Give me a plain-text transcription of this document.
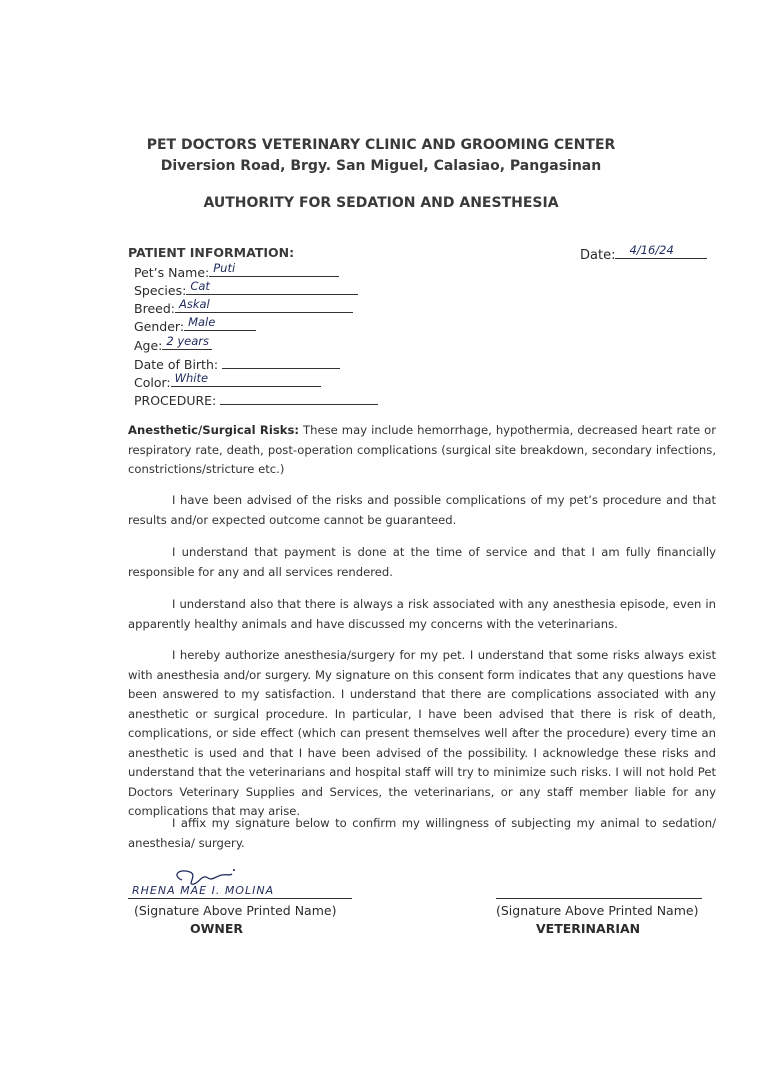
PET DOCTORS VETERINARY CLINIC AND GROOMING CENTER
Diversion Road, Brgy. San Miguel, Calasiao, Pangasinan
AUTHORITY FOR SEDATION AND ANESTHESIA
PATIENT INFORMATION:	Date: 4/16/24
Pet’s Name: Puti
Species: Cat
Breed: Askal
Gender: Male
Age: 2 years
Date of Birth:
Color: White
PROCEDURE:
Anesthetic/Surgical Risks: These may include hemorrhage, hypothermia, decreased heart rate or respiratory rate, death, post-operation complications (surgical site breakdown, secondary infections, constrictions/stricture etc.)
I have been advised of the risks and possible complications of my pet’s procedure and that results and/or expected outcome cannot be guaranteed.
I understand that payment is done at the time of service and that I am fully financially responsible for any and all services rendered.
I understand also that there is always a risk associated with any anesthesia episode, even in apparently healthy animals and have discussed my concerns with the veterinarians.
I hereby authorize anesthesia/surgery for my pet. I understand that some risks always exist with anesthesia and/or surgery. My signature on this consent form indicates that any questions have been answered to my satisfaction. I understand that there are complications associated with any anesthetic or surgical procedure. In particular, I have been advised that there is risk of death, complications, or side effect (which can present themselves well after the procedure) every time an anesthetic is used and that I have been advised of the possibility. I acknowledge these risks and understand that the veterinarians and hospital staff will try to minimize such risks. I will not hold Pet Doctors Veterinary Supplies and Services, the veterinarians, or any staff member liable for any complications that may arise.
I affix my signature below to confirm my willingness of subjecting my animal to sedation/ anesthesia/ surgery.
RHENA MAE I. MOLINA
(Signature Above Printed Name)
OWNER
(Signature Above Printed Name)
VETERINARIAN
